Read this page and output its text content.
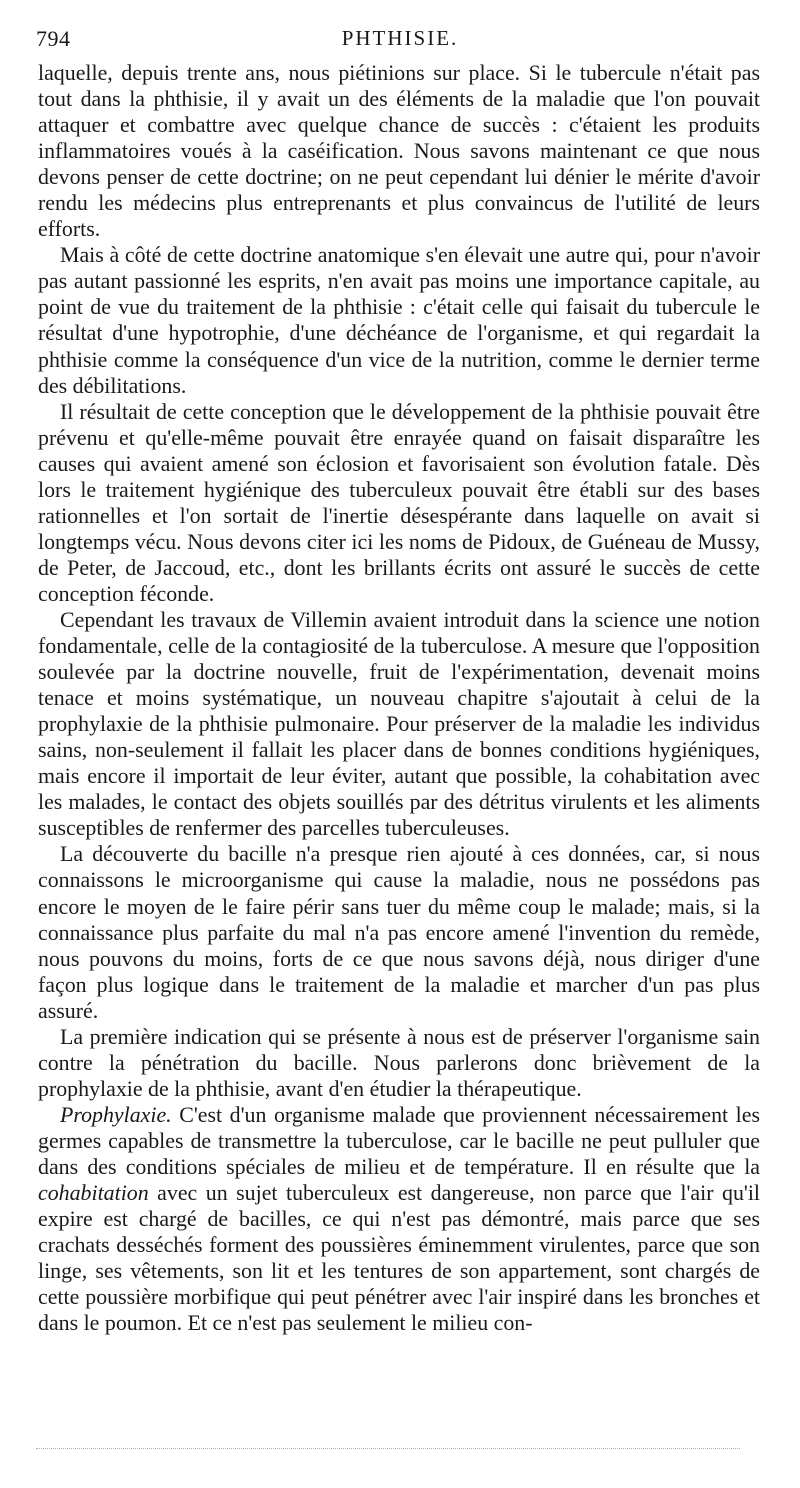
794	PHTHISIE.

laquelle, depuis trente ans, nous piétinions sur place. Si le tubercule n'était pas tout dans la phthisie, il y avait un des éléments de la maladie que l'on pouvait attaquer et combattre avec quelque chance de succès : c'étaient les produits inflammatoires voués à la caséification. Nous savons maintenant ce que nous devons penser de cette doctrine; on ne peut cependant lui dénier le mérite d'avoir rendu les médecins plus entreprenants et plus convaincus de l'utilité de leurs efforts.

Mais à côté de cette doctrine anatomique s'en élevait une autre qui, pour n'avoir pas autant passionné les esprits, n'en avait pas moins une importance capitale, au point de vue du traitement de la phthisie : c'était celle qui faisait du tubercule le résultat d'une hypotrophie, d'une déchéance de l'organisme, et qui regardait la phthisie comme la conséquence d'un vice de la nutrition, comme le dernier terme des débilitations.

Il résultait de cette conception que le développement de la phthisie pouvait être prévenu et qu'elle-même pouvait être enrayée quand on faisait disparaître les causes qui avaient amené son éclosion et favorisaient son évolution fatale. Dès lors le traitement hygiénique des tuberculeux pouvait être établi sur des bases rationnelles et l'on sortait de l'inertie désespérante dans laquelle on avait si longtemps vécu. Nous devons citer ici les noms de Pidoux, de Guéneau de Mussy, de Peter, de Jaccoud, etc., dont les brillants écrits ont assuré le succès de cette conception féconde.

Cependant les travaux de Villemin avaient introduit dans la science une notion fondamentale, celle de la contagiosité de la tuberculose. A mesure que l'opposition soulevée par la doctrine nouvelle, fruit de l'expérimentation, devenait moins tenace et moins systématique, un nouveau chapitre s'ajoutait à celui de la prophylaxie de la phthisie pulmonaire. Pour préserver de la maladie les individus sains, non-seulement il fallait les placer dans de bonnes conditions hygiéniques, mais encore il importait de leur éviter, autant que possible, la cohabitation avec les malades, le contact des objets souillés par des détritus virulents et les aliments susceptibles de renfermer des parcelles tuberculeuses.

La découverte du bacille n'a presque rien ajouté à ces données, car, si nous connaissons le microorganisme qui cause la maladie, nous ne possédons pas encore le moyen de le faire périr sans tuer du même coup le malade; mais, si la connaissance plus parfaite du mal n'a pas encore amené l'invention du remède, nous pouvons du moins, forts de ce que nous savons déjà, nous diriger d'une façon plus logique dans le traitement de la maladie et marcher d'un pas plus assuré.

La première indication qui se présente à nous est de préserver l'organisme sain contre la pénétration du bacille. Nous parlerons donc brièvement de la prophylaxie de la phthisie, avant d'en étudier la thérapeutique.

Prophylaxie. C'est d'un organisme malade que proviennent nécessairement les germes capables de transmettre la tuberculose, car le bacille ne peut pulluler que dans des conditions spéciales de milieu et de température. Il en résulte que la cohabitation avec un sujet tuberculeux est dangereuse, non parce que l'air qu'il expire est chargé de bacilles, ce qui n'est pas démontré, mais parce que ses crachats desséchés forment des poussières éminemment virulentes, parce que son linge, ses vêtements, son lit et les tentures de son appartement, sont chargés de cette poussière morbifique qui peut pénétrer avec l'air inspiré dans les bronches et dans le poumon. Et ce n'est pas seulement le milieu con-
